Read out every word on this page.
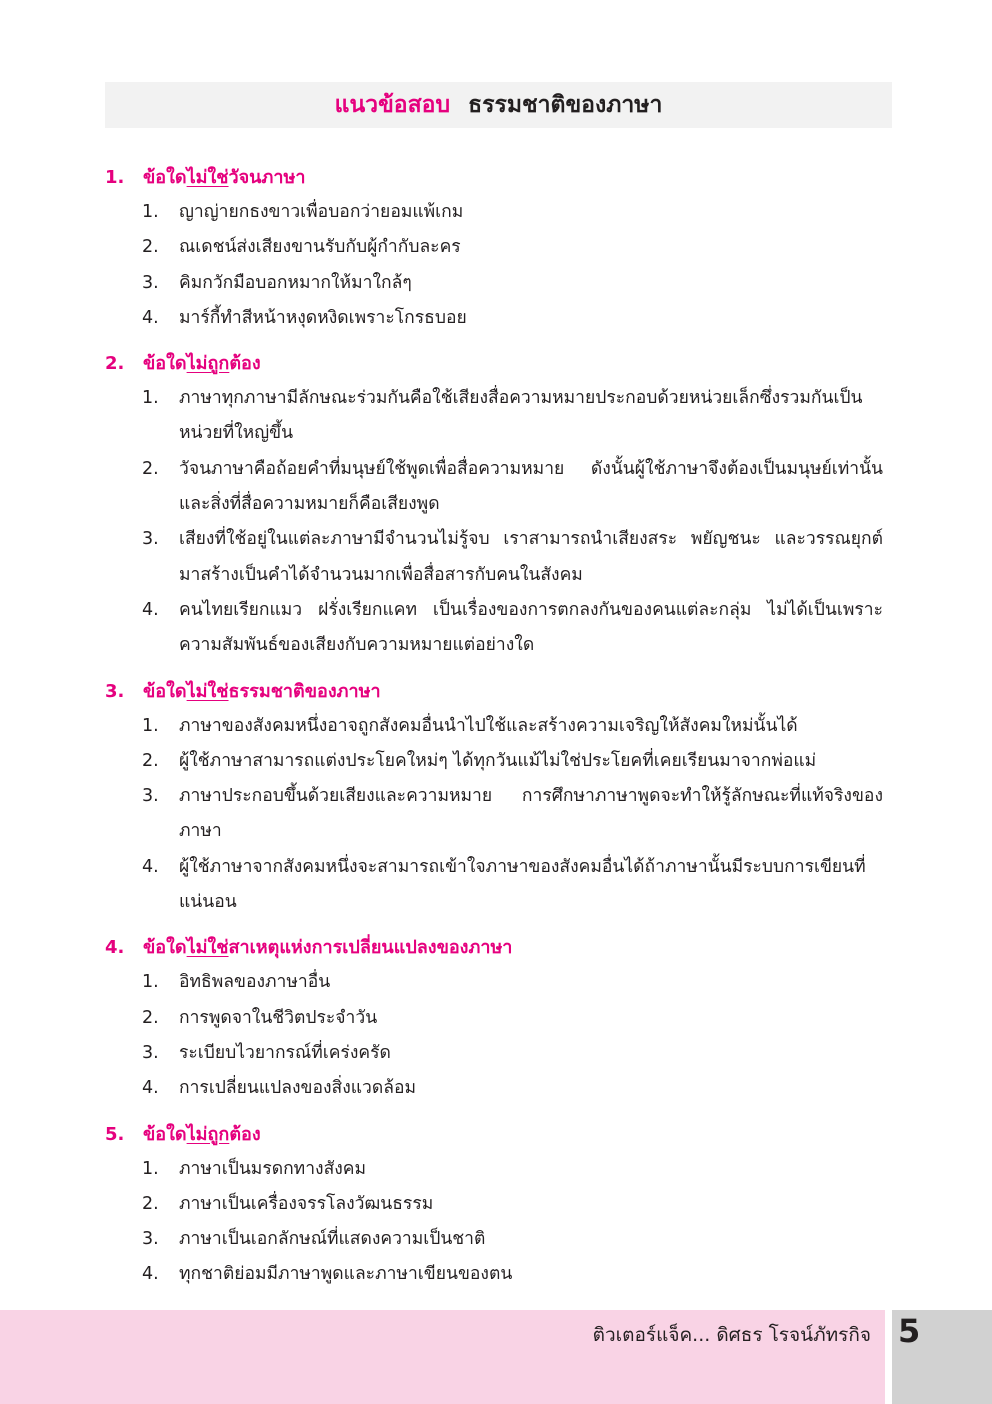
แนวข้อสอบ ธรรมชาติของภาษา
1.	ข้อใดไม่ใช่วัจนภาษา
1.	ญาญ่ายกธงขาวเพื่อบอกว่ายอมแพ้เกม
2.	ณเดชน์ส่งเสียงขานรับกับผู้กำกับละคร
3.	คิมกวักมือบอกหมากให้มาใกล้ๆ
4.	มาร์กี้ทำสีหน้าหงุดหงิดเพราะโกรธบอย
2.	ข้อใดไม่ถูกต้อง
1.	ภาษาทุกภาษามีลักษณะร่วมกันคือใช้เสียงสื่อความหมายประกอบด้วยหน่วยเล็กซึ่งรวมกันเป็นหน่วยที่ใหญ่ขึ้น
2.	วัจนภาษาคือถ้อยคำที่มนุษย์ใช้พูดเพื่อสื่อความหมาย ดังนั้นผู้ใช้ภาษาจึงต้องเป็นมนุษย์เท่านั้นและสิ่งที่สื่อความหมายก็คือเสียงพูด
3.	เสียงที่ใช้อยู่ในแต่ละภาษามีจำนวนไม่รู้จบ เราสามารถนำเสียงสระ พยัญชนะ และวรรณยุกต์มาสร้างเป็นคำได้จำนวนมากเพื่อสื่อสารกับคนในสังคม
4.	คนไทยเรียกแมว ฝรั่งเรียกแคท เป็นเรื่องของการตกลงกันของคนแต่ละกลุ่ม ไม่ได้เป็นเพราะความสัมพันธ์ของเสียงกับความหมายแต่อย่างใด
3.	ข้อใดไม่ใช่ธรรมชาติของภาษา
1.	ภาษาของสังคมหนึ่งอาจถูกสังคมอื่นนำไปใช้และสร้างความเจริญให้สังคมใหม่นั้นได้
2.	ผู้ใช้ภาษาสามารถแต่งประโยคใหม่ๆ ได้ทุกวันแม้ไม่ใช่ประโยคที่เคยเรียนมาจากพ่อแม่
3.	ภาษาประกอบขึ้นด้วยเสียงและความหมาย การศึกษาภาษาพูดจะทำให้รู้ลักษณะที่แท้จริงของภาษา
4.	ผู้ใช้ภาษาจากสังคมหนึ่งจะสามารถเข้าใจภาษาของสังคมอื่นได้ถ้าภาษานั้นมีระบบการเขียนที่แน่นอน
4.	ข้อใดไม่ใช่สาเหตุแห่งการเปลี่ยนแปลงของภาษา
1.	อิทธิพลของภาษาอื่น
2.	การพูดจาในชีวิตประจำวัน
3.	ระเบียบไวยากรณ์ที่เคร่งครัด
4.	การเปลี่ยนแปลงของสิ่งแวดล้อม
5.	ข้อใดไม่ถูกต้อง
1.	ภาษาเป็นมรดกทางสังคม
2.	ภาษาเป็นเครื่องจรรโลงวัฒนธรรม
3.	ภาษาเป็นเอกลักษณ์ที่แสดงความเป็นชาติ
4.	ทุกชาติย่อมมีภาษาพูดและภาษาเขียนของตน
ติวเตอร์แจ็ค... ดิศธร โรจน์ภัทรกิจ 5
